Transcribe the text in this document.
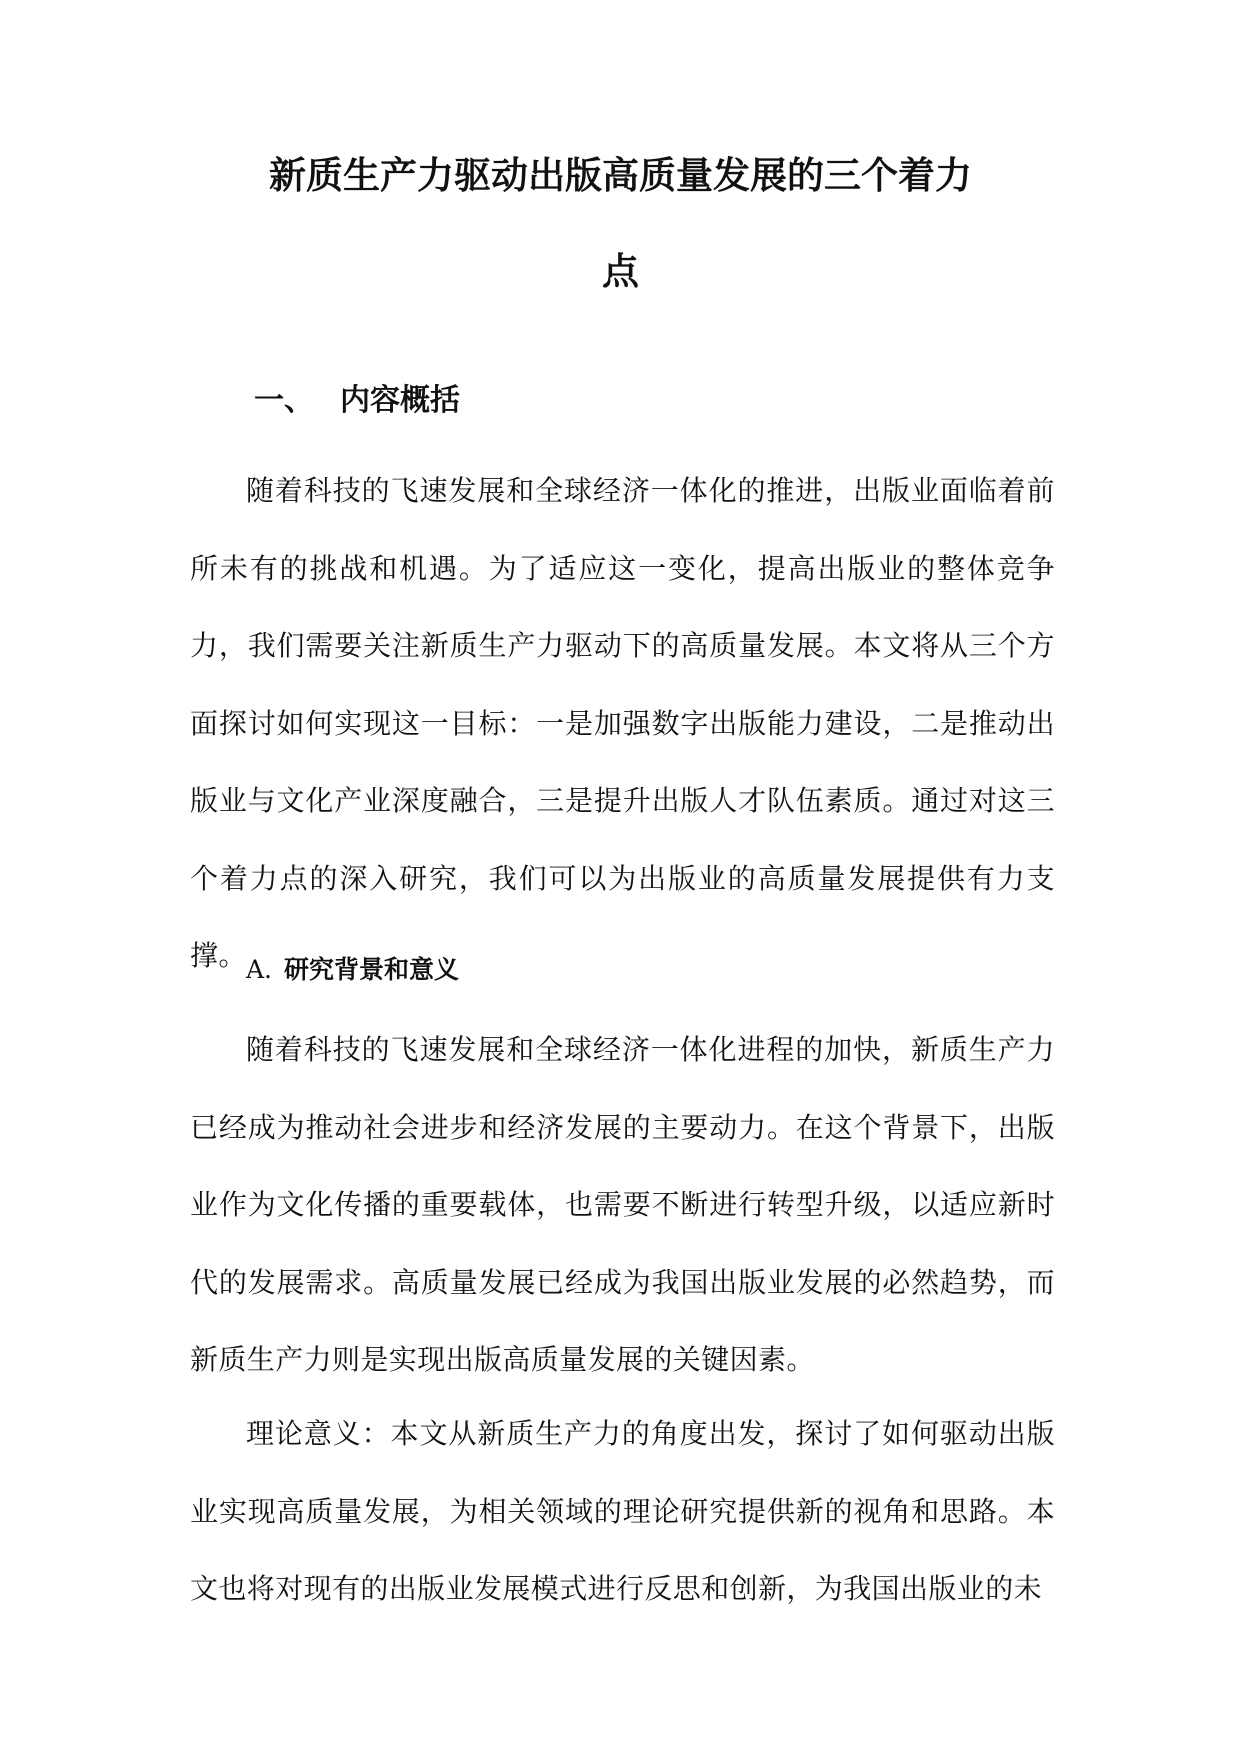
新质生产力驱动出版高质量发展的三个着力
点
一、 内容概括

随着科技的飞速发展和全球经济一体化的推进，出版业面临着前所未有的挑战和机遇。为了适应这一变化，提高出版业的整体竞争力，我们需要关注新质生产力驱动下的高质量发展。本文将从三个方面探讨如何实现这一目标：一是加强数字出版能力建设，二是推动出版业与文化产业深度融合，三是提升出版人才队伍素质。通过对这三个着力点的深入研究，我们可以为出版业的高质量发展提供有力支撑。 A. 研究背景和意义

随着科技的飞速发展和全球经济一体化进程的加快，新质生产力已经成为推动社会进步和经济发展的主要动力。在这个背景下，出版业作为文化传播的重要载体，也需要不断进行转型升级，以适应新时代的发展需求。高质量发展已经成为我国出版业发展的必然趋势，而新质生产力则是实现出版高质量发展的关键因素。

理论意义：本文从新质生产力的角度出发，探讨了如何驱动出版业实现高质量发展，为相关领域的理论研究提供新的视角和思路。本文也将对现有的出版业发展模式进行反思和创新，为我国出版业的未
